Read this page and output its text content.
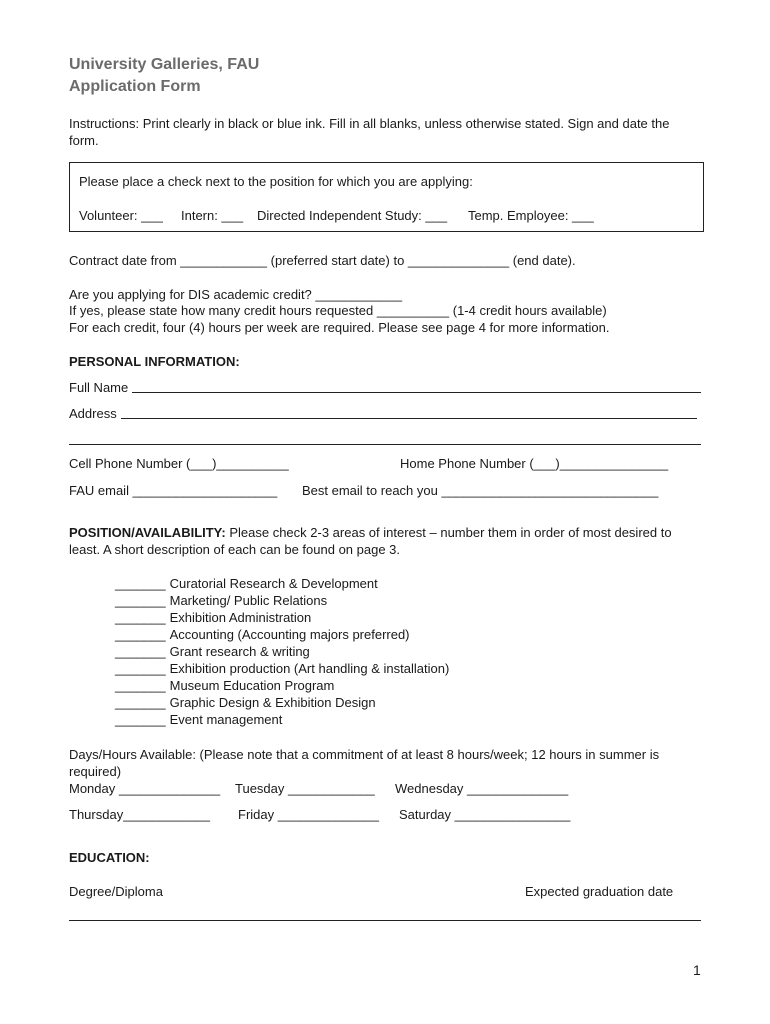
University Galleries, FAU
Application Form
Instructions: Print clearly in black or blue ink. Fill in all blanks, unless otherwise stated. Sign and date the form.
Please place a check next to the position for which you are applying:
Volunteer: ___ Intern: ___ Directed Independent Study: ___ Temp. Employee: ___
Contract date from ____________ (preferred start date) to ______________ (end date).
Are you applying for DIS academic credit? ____________
If yes, please state how many credit hours requested __________ (1-4 credit hours available)
For each credit, four (4) hours per week are required. Please see page 4 for more information.
PERSONAL INFORMATION:
Full Name
Address
Cell Phone Number (___)__________	Home Phone Number (___)_______________
FAU email ____________________ Best email to reach you ______________________________
POSITION/AVAILABILITY: Please check 2-3 areas of interest – number them in order of most desired to least. A short description of each can be found on page 3.
_______ Curatorial Research & Development
_______ Marketing/ Public Relations
_______ Exhibition Administration
_______ Accounting (Accounting majors preferred)
_______ Grant research & writing
_______ Exhibition production (Art handling & installation)
_______ Museum Education Program
_______ Graphic Design & Exhibition Design
_______ Event management
Days/Hours Available: (Please note that a commitment of at least 8 hours/week; 12 hours in summer is required)
Monday ______________ Tuesday ____________ Wednesday ______________
Thursday____________ Friday ______________ Saturday ________________
EDUCATION:
Degree/Diploma	Expected graduation date
1
